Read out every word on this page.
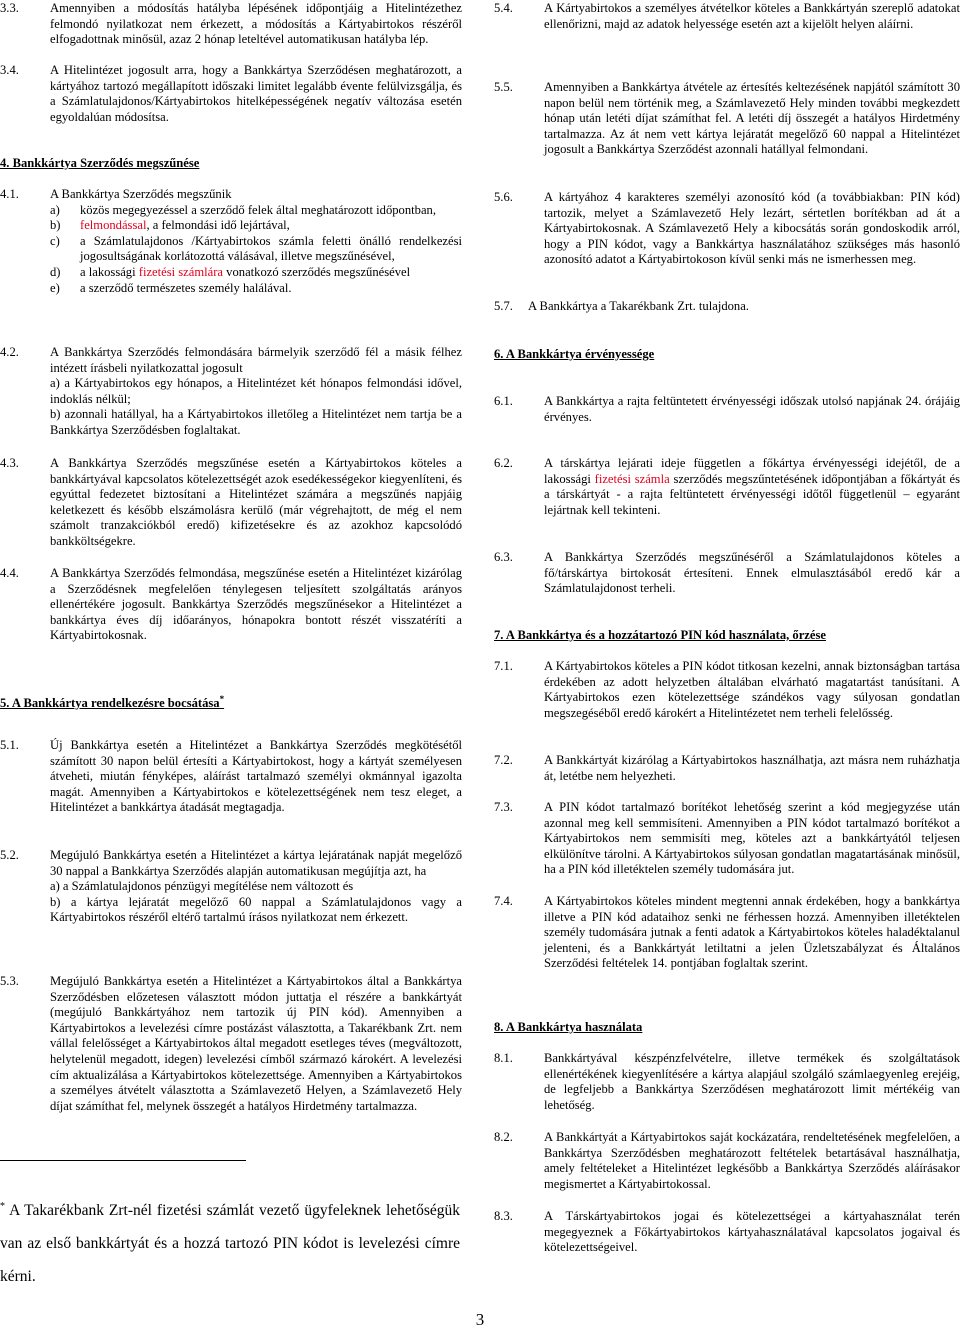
3.3. Amennyiben a módosítás hatályba lépésének időpontjáig a Hitelintézethez felmondó nyilatkozat nem érkezett, a módosítás a Kártyabirtokos részéről elfogadottnak minősül, azaz 2 hónap leteltével automatikusan hatályba lép.
3.4. A Hitelintézet jogosult arra, hogy a Bankkártya Szerződésen meghatározott, a kártyához tartozó megállapított időszaki limitet legalább évente felülvizsgálja, és a Számlatulajdonos/Kártyabirtokos hitelképességének negatív változása esetén egyoldalúan módosítsa.
4. Bankkártya Szerződés megszűnése
4.1. A Bankkártya Szerződés megszűnik

a) közös megegyezéssel a szerződő felek által meghatározott időpontban,
b) felmondással, a felmondási idő lejártával,
c) a Számlatulajdonos /Kártyabirtokos számla feletti önálló rendelkezési jogosultságának korlátozottá válásával, illetve megszűnésével,
d) a lakossági fizetési számlára vonatkozó szerződés megszűnésével
e) a szerződő természetes személy halálával.
4.2. A Bankkártya Szerződés felmondására bármelyik szerződő fél a másik félhez intézett írásbeli nyilatkozattal jogosult

a) a Kártyabirtokos egy hónapos, a Hitelintézet két hónapos felmondási idővel, indoklás nélkül;

b) azonnali hatállyal, ha a Kártyabirtokos illetőleg a Hitelintézet nem tartja be a Bankkártya Szerződésben foglaltakat.

4.3. A Bankkártya Szerződés megszűnése esetén a Kártyabirtokos köteles a bankkártyával kapcsolatos kötelezettségét azok esedékességekor kiegyenlíteni, és egyúttal fedezetet biztosítani a Hitelintézet számára a megszűnés napjáig keletkezett és később elszámolásra kerülő (már végrehajtott, de még el nem számolt tranzakciókból eredő) kifizetésekre és az azokhoz kapcsolódó bankköltségekre.
4.4. A Bankkártya Szerződés felmondása, megszűnése esetén a Hitelintézet kizárólag a Szerződésnek megfelelően ténylegesen teljesített szolgáltatás arányos ellenértékére jogosult. Bankkártya Szerződés megszűnésekor a Hitelintézet a bankkártya éves díj időarányos, hónapokra bontott részét visszatéríti a Kártyabirtokosnak.
5. A Bankkártya rendelkezésre bocsátása*
5.1. Új Bankkártya esetén a Hitelintézet a Bankkártya Szerződés megkötésétől számított 30 napon belül értesíti a Kártyabirtokost, hogy a kártyát személyesen átveheti, miután fényképes, aláírást tartalmazó személyi okmánnyal igazolta magát. Amennyiben a Kártyabirtokos e kötelezettségének nem tesz eleget, a Hitelintézet a bankkártya átadását megtagadja.
5.2. Megújuló Bankkártya esetén a Hitelintézet a kártya lejáratának napját megelőző 30 nappal a Bankkártya Szerződés alapján automatikusan megújítja azt, ha

a) a Számlatulajdonos pénzügyi megítélése nem változott és

b) a kártya lejáratát megelőző 60 nappal a Számlatulajdonos vagy a Kártyabirtokos részéről eltérő tartalmú írásos nyilatkozat nem érkezett.

5.3. Megújuló Bankkártya esetén a Hitelintézet a Kártyabirtokos által a Bankkártya Szerződésben előzetesen választott módon juttatja el részére a bankkártyát (megújuló Bankkártyához nem tartozik új PIN kód). Amennyiben a Kártyabirtokos a levelezési címre postázást választotta, a Takarékbank Zrt. nem vállal felelősséget a Kártyabirtokos által megadott esetleges téves (megváltozott, helytelenül megadott, idegen) levelezési címből származó károkért. A levelezési cím aktualizálása a Kártyabirtokos kötelezettsége. Amennyiben a Kártyabirtokos a személyes átvételt választotta a Számlavezető Helyen, a Számlavezető Hely díjat számíthat fel, melynek összegét a hatályos Hirdetmény tartalmazza.
* A Takarékbank Zrt-nél fizetési számlát vezető ügyfeleknek lehetőségük van az első bankkártyát és a hozzá tartozó PIN kódot is levelezési címre kérni.
5.4. A Kártyabirtokos a személyes átvételkor köteles a Bankkártyán szereplő adatokat ellenőrizni, majd az adatok helyessége esetén azt a kijelölt helyen aláírni.
5.5. Amennyiben a Bankkártya átvétele az értesítés keltezésének napjától számított 30 napon belül nem történik meg, a Számlavezető Hely minden további megkezdett hónap után letéti díjat számíthat fel. A letéti díj összegét a hatályos Hirdetmény tartalmazza. Az át nem vett kártya lejáratát megelőző 60 nappal a Hitelintézet jogosult a Bankkártya Szerződést azonnali hatállyal felmondani.
5.6. A kártyához 4 karakteres személyi azonosító kód (a továbbiakban: PIN kód) tartozik, melyet a Számlavezető Hely lezárt, sértetlen borítékban ad át a Kártyabirtokosnak. A Számlavezető Hely a kibocsátás során gondoskodik arról, hogy a PIN kódot, vagy a Bankkártya használatához szükséges más hasonló azonosító adatot a Kártyabirtokoson kívül senki más ne ismerhessen meg.
5.7. A Bankkártya a Takarékbank Zrt. tulajdona.
6. A Bankkártya érvényessége
6.1. A Bankkártya a rajta feltüntetett érvényességi időszak utolsó napjának 24. órájáig érvényes.
6.2. A társkártya lejárati ideje független a főkártya érvényességi idejétől, de a lakossági fizetési számla szerződés megszűntetésének időpontjában a főkártyát és a társkártyát - a rajta feltüntetett érvényességi időtől függetlenül – egyaránt lejártnak kell tekinteni.
6.3. A Bankkártya Szerződés megszűnéséről a Számlatulajdonos köteles a fő/társkártya birtokosát értesíteni. Ennek elmulasztásából eredő kár a Számlatulajdonost terheli.
7. A Bankkártya és a hozzátartozó PIN kód használata, őrzése
7.1. A Kártyabirtokos köteles a PIN kódot titkosan kezelni, annak biztonságban tartása érdekében az adott helyzetben általában elvárható magatartást tanúsítani. A Kártyabirtokos ezen kötelezettsége szándékos vagy súlyosan gondatlan megszegéséből eredő károkért a Hitelintézetet nem terheli felelősség.
7.2. A Bankkártyát kizárólag a Kártyabirtokos használhatja, azt másra nem ruházhatja át, letétbe nem helyezheti.
7.3. A PIN kódot tartalmazó borítékot lehetőség szerint a kód megjegyzése után azonnal meg kell semmisíteni. Amennyiben a PIN kódot tartalmazó borítékot a Kártyabirtokos nem semmisíti meg, köteles azt a bankkártyától teljesen elkülönítve tárolni. A Kártyabirtokos súlyosan gondatlan magatartásának minősül, ha a PIN kód illetéktelen személy tudomására jut.
7.4. A Kártyabirtokos köteles mindent megtenni annak érdekében, hogy a bankkártya illetve a PIN kód adataihoz senki ne férhessen hozzá. Amennyiben illetéktelen személy tudomására jutnak a fenti adatok a Kártyabirtokos köteles haladéktalanul jelenteni, és a Bankkártyát letiltatni a jelen Üzletszabályzat és Általános Szerződési feltételek 14. pontjában foglaltak szerint.
8. A Bankkártya használata
8.1. Bankkártyával készpénzfelvételre, illetve termékek és szolgáltatások ellenértékének kiegyenlítésére a kártya alapjául szolgáló számlaegyenleg erejéig, de legfeljebb a Bankkártya Szerződésen meghatározott limit mértékéig van lehetőség.
8.2. A Bankkártyát a Kártyabirtokos saját kockázatára, rendeltetésének megfelelően, a Bankkártya Szerződésben meghatározott feltételek betartásával használhatja, amely feltételeket a Hitelintézet legkésőbb a Bankkártya Szerződés aláírásakor megismertet a Kártyabirtokossal.
8.3. A Társkártyabirtokos jogai és kötelezettségei a kártyahasználat terén megegyeznek a Főkártyabirtokos kártyahasználatával kapcsolatos jogaival és kötelezettségeivel.
3
